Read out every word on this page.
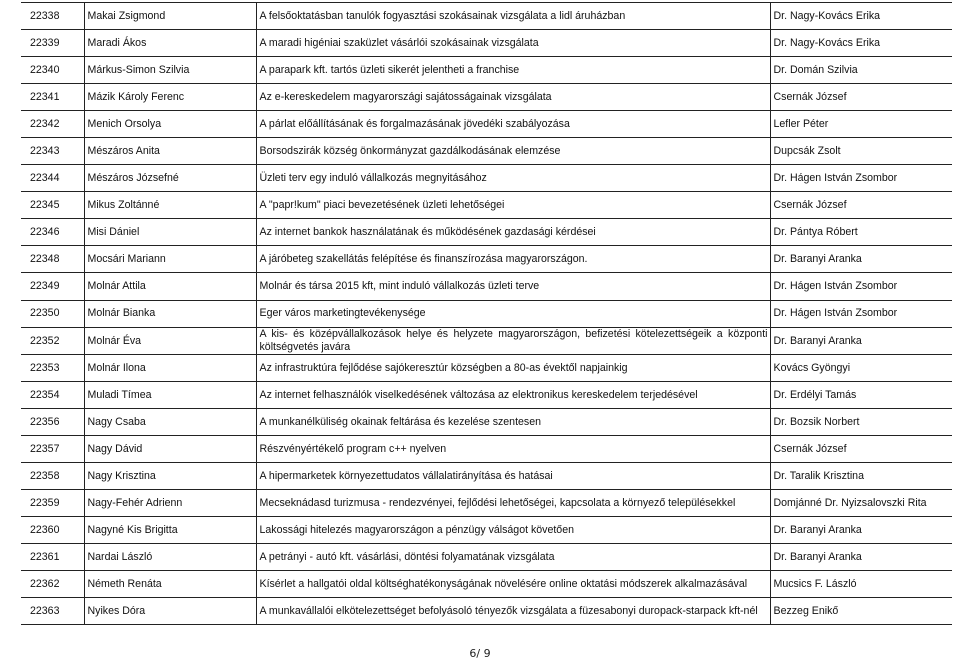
22338	Makai Zsigmond	A felsőoktatásban tanulók fogyasztási szokásainak vizsgálata a lidl áruházban	Dr. Nagy-Kovács Erika
22339	Maradi Ákos	A maradi higéniai szaküzlet vásárlói szokásainak vizsgálata	Dr. Nagy-Kovács Erika
22340	Márkus-Simon Szilvia	A parapark kft. tartós üzleti sikerét jelentheti a franchise	Dr. Domán Szilvia
22341	Mázik Károly Ferenc	Az e-kereskedelem magyarországi sajátosságainak vizsgálata	Csernák József
22342	Menich Orsolya	A párlat előállításának és forgalmazásának jövedéki szabályozása	Lefler Péter
22343	Mészáros Anita	Borsodszirák község önkormányzat gazdálkodásának elemzése	Dupcsák Zsolt
22344	Mészáros Józsefné	Üzleti terv egy induló vállalkozás megnyitásához	Dr. Hágen István Zsombor
22345	Mikus Zoltánné	A "papr!kum" piaci bevezetésének üzleti lehetőségei	Csernák József
22346	Misi Dániel	Az internet bankok használatának és működésének gazdasági kérdései	Dr. Pántya Róbert
22348	Mocsári Mariann	A járóbeteg szakellátás felépítése és finanszírozása magyarországon.	Dr. Baranyi Aranka
22349	Molnár Attila	Molnár és társa 2015 kft, mint induló vállalkozás üzleti terve	Dr. Hágen István Zsombor
22350	Molnár Bianka	Eger város marketingtevékenysége	Dr. Hágen István Zsombor
22352	Molnár Éva	A kis- és középvállalkozások helye és helyzete magyarországon, befizetési kötelezettségeik a központi költségvetés javára	Dr. Baranyi Aranka
22353	Molnár Ilona	Az infrastruktúra fejlődése sajókeresztúr községben a 80-as évektől napjainkig	Kovács Gyöngyi
22354	Muladi Tímea	Az internet felhasználók viselkedésének változása az elektronikus kereskedelem terjedésével	Dr. Erdélyi Tamás
22356	Nagy Csaba	A munkanélküliség okainak feltárása és kezelése szentesen	Dr. Bozsik Norbert
22357	Nagy Dávid	Részvényértékelő program c++ nyelven	Csernák József
22358	Nagy Krisztina	A hipermarketek környezettudatos vállalatirányítása és hatásai	Dr. Taralik Krisztina
22359	Nagy-Fehér Adrienn	Mecseknádasd turizmusa - rendezvényei, fejlődési lehetőségei, kapcsolata a környező településekkel	Domjánné Dr. Nyizsalovszki Rita
22360	Nagyné Kis Brigitta	Lakossági hitelezés magyarországon a pénzügy válságot követően	Dr. Baranyi Aranka
22361	Nardai László	A petrányi - autó kft. vásárlási, döntési folyamatának vizsgálata	Dr. Baranyi Aranka
22362	Németh Renáta	Kísérlet a hallgatói oldal költséghatékonyságának növelésére online oktatási módszerek alkalmazásával	Mucsics F. László
22363	Nyikes Dóra	A munkavállalói elkötelezettséget befolyásoló tényezők vizsgálata a füzesabonyi duropack-starpack kft-nél	Bezzeg Enikő
6/ 9
